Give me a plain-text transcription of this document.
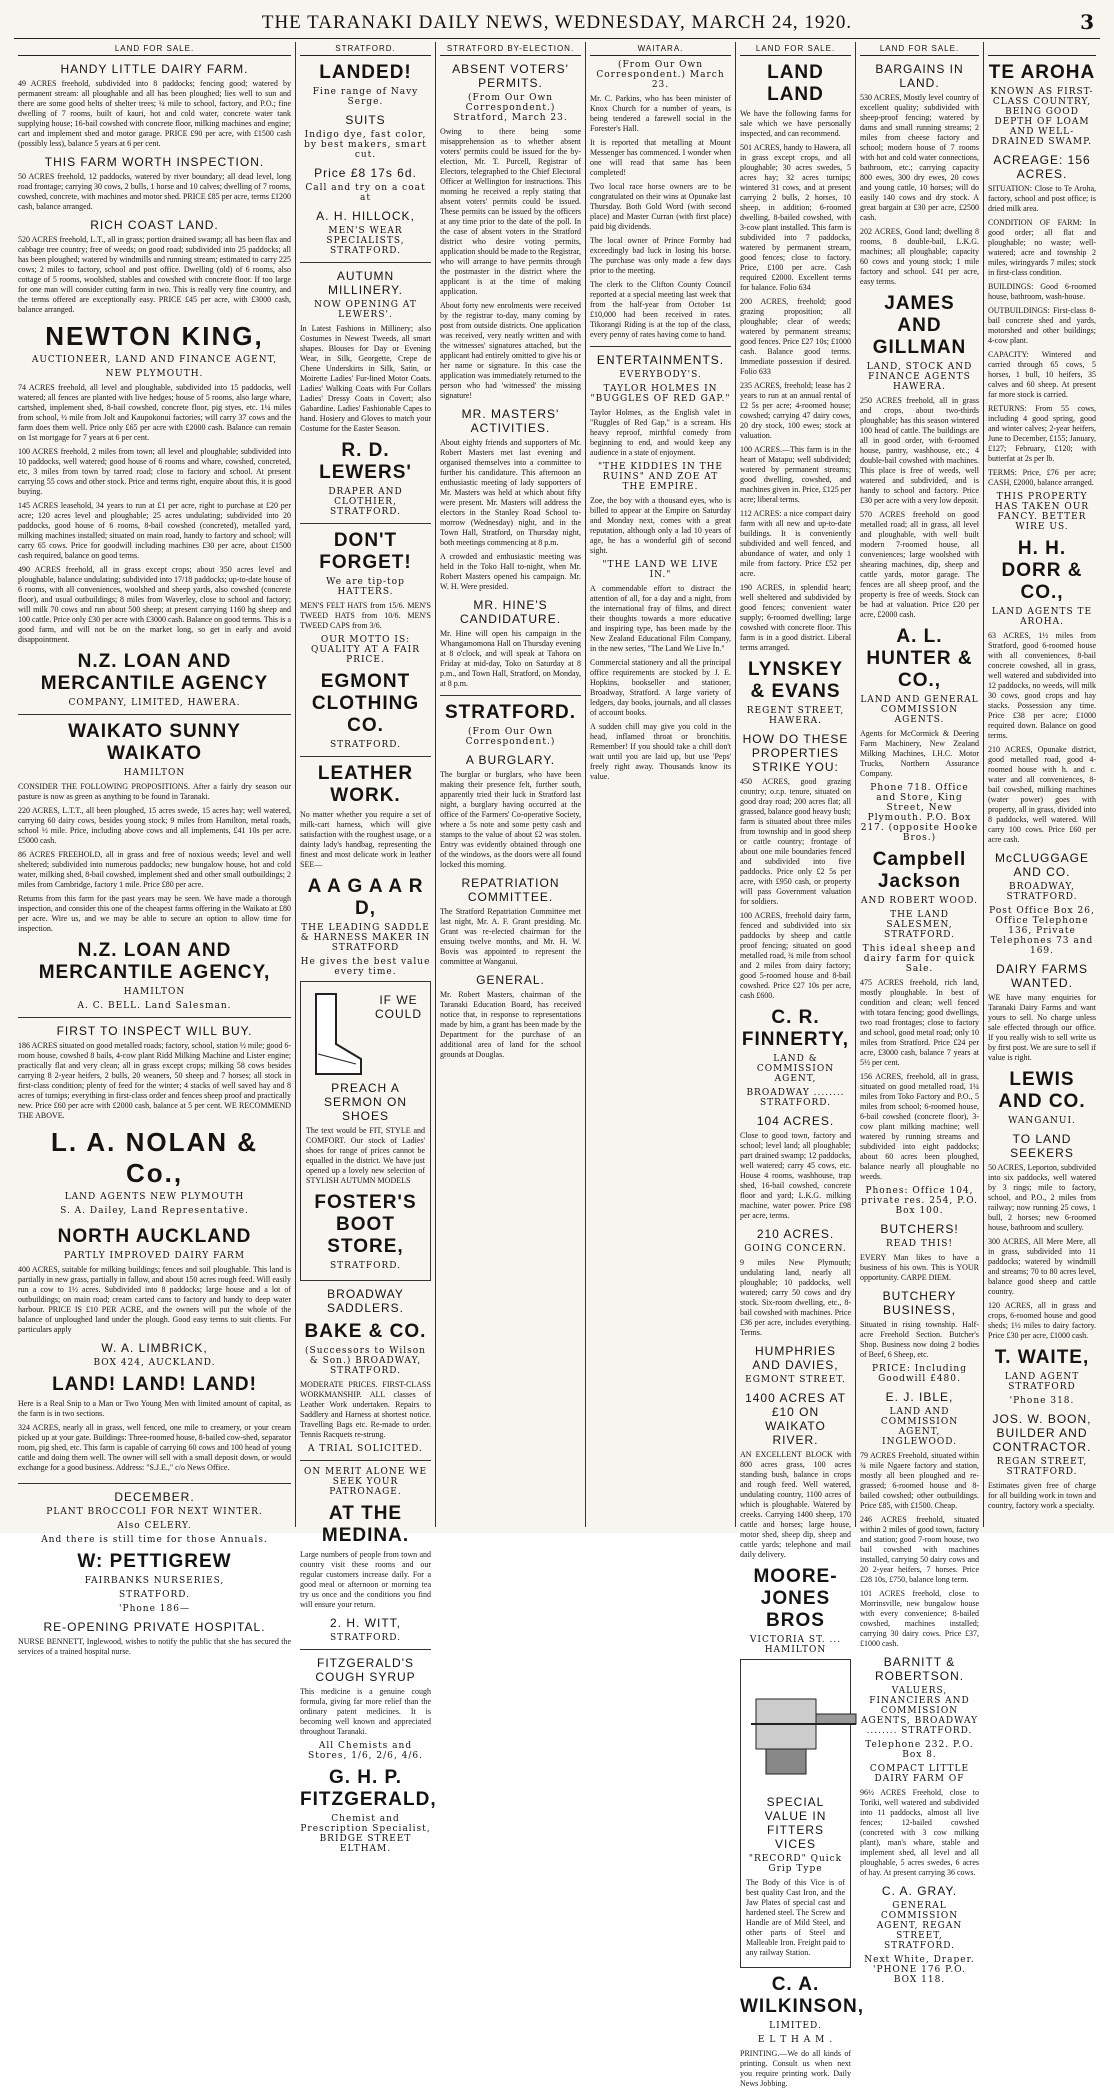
THE TARANAKI DAILY NEWS, WEDNESDAY, MARCH 24, 1920.	3
LAND FOR SALE.
HANDY LITTLE DAIRY FARM.

49 ACRES freehold, subdivided into 8 paddocks; fencing good; watered by permanent stream: all ploughable and all has been ploughed; lies well to sun and there are some good belts of shelter trees; ¼ mile to school, factory, and P.O.; fine dwelling of 7 rooms, built of kauri, hot and cold water, concrete water tank supplying house; 16-bail cowshed with concrete floor, milking machines and engine; cart and implement shed and motor garage. PRICE £90 per acre, with £1500 cash (possibly less), balance 5 years at 6 per cent.

THIS FARM WORTH INSPECTION.

50 ACRES freehold, 12 paddocks, watered by river boundary; all dead level, long road frontage; carrying 30 cows, 2 bulls, 1 horse and 10 calves; dwelling of 7 rooms, cowshed, concrete, with machines and motor shed. PRICE £85 per acre, terms £1200 cash, balance arranged.

RICH COAST LAND.

520 ACRES freehold, L.T., all in grass; portion drained swamp; all has been flax and cabbage tree country; free of weeds; on good road; subdivided into 25 paddocks; all has been ploughed; watered by windmills and running stream; estimated to carry 225 cows; 2 miles to factory, school and post office. Dwelling (old) of 6 rooms, also cottage of 5 rooms, woolshed, stables and cowshed with concrete floor. If too large for one man will consider cutting farm in two. This is really very fine country, and the terms offered are exceptionally easy. PRICE £45 per acre, with £3000 cash, balance arranged.

NEWTON KING,
AUCTIONEER, LAND AND FINANCE AGENT,
NEW PLYMOUTH.

74 ACRES freehold, all level and ploughable, subdivided into 15 paddocks, well watered; all fences are planted with live hedges; house of 5 rooms, also large whare, cartshed, implement shed, 8-bail cowshed, concrete floor, pig styes, etc. 1¼ miles from school, ½ mile from Jolt and Kaupokonui factories; will carry 37 cows and the farm does them well. Price only £65 per acre with £2000 cash. Balance can remain on 1st mortgage for 7 years at 6 per cent.

100 ACRES freehold, 2 miles from town; all level and ploughable; subdivided into 10 paddocks, well watered; good house of 6 rooms and whare, cowshed, concreted, etc, 3 miles from town by tarred road; close to factory and school. At present carrying 55 cows and other stock. Price and terms right, enquire about this, it is good buying.

145 ACRES leasehold, 34 years to run at £1 per acre, right to purchase at £20 per acre; 120 acres level and ploughable; 25 acres undulating; subdivided into 20 paddocks, good house of 6 rooms, 8-bail cowshed (concreted), metalled yard, milking machines installed; situated on main road, handy to factory and school; will carry 65 cows. Price for goodwill including machines £30 per acre, about £1500 cash required, balance on good terms.

490 ACRES freehold, all in grass except crops; about 350 acres level and ploughable, balance undulating; subdivided into 17/18 paddocks; up-to-date house of 6 rooms, with all conveniences, woolshed and sheep yards, also cowshed (concrete floor), and usual outbuildings; 8 miles from Waverley, close to school and factory; will milk 70 cows and run about 500 sheep; at present carrying 1160 hg sheep and 100 cattle. Price only £30 per acre with £3000 cash. Balance on good terms. This is a good farm, and will not be on the market long, so get in early and avoid disappointment.

N.Z. LOAN AND MERCANTILE AGENCY
COMPANY, LIMITED, HAWERA.
WAIKATO SUNNY WAIKATO
HAMILTON

CONSIDER THE FOLLOWING PROPOSITIONS. After a fairly dry season our pasture is now as green as anything to be found in Taranaki.

220 ACRES, L.T.T., all been ploughed, 15 acres swede, 15 acres hay; well watered, carrying 60 dairy cows, besides young stock; 9 miles from Hamilton, metal roads, school ½ mile. Price, including above cows and all implements, £41 10s per acre. £5000 cash.

86 ACRES FREEHOLD, all in grass and free of noxious weeds; level and well sheltered; subdivided into numerous paddocks; new bungalow house, hot and cold water, milking shed, 8-bail cowshed, implement shed and other small outbuildings; 2 miles from Cambridge, factory 1 mile. Price £80 per acre.

Returns from this farm for the past years may be seen. We have made a thorough inspection, and consider this one of the cheapest farms offering in the Waikato at £80 per acre. Wire us, and we may be able to secure an option to allow time for inspection.

N.Z. LOAN AND MERCANTILE AGENCY,
HAMILTON
A. C. BELL. Land Salesman.
FIRST TO INSPECT WILL BUY.

186 ACRES situated on good metalled roads; factory, school, station ½ mile; good 6-room house, cowshed 8 bails, 4-cow plant Ridd Milking Machine and Lister engine; practically flat and very clean; all in grass except crops; milking 58 cows besides carrying 8 2-year heifers, 2 bulls, 20 weaners, 50 sheep and 7 horses; all stock in first-class condition; plenty of feed for the winter; 4 stacks of well saved hay and 8 acres of turnips; everything in first-class order and fences sheep proof and practically new. Price £60 per acre with £2000 cash, balance at 5 per cent. WE RECOMMEND THE ABOVE.

L. A. NOLAN & Co.,
LAND AGENTS NEW PLYMOUTH
S. A. Dailey, Land Representative.
NORTH AUCKLAND
PARTLY IMPROVED DAIRY FARM

400 ACRES, suitable for milking buildings; fences and soil ploughable. This land is partially in new grass, partially in fallow, and about 150 acres rough feed. Will easily run a cow to 1½ acres. Subdivided into 8 paddocks; large house and a lot of outbuildings; on main road; cream carted cans to factory and handy to deep water harbour. PRICE IS £10 PER ACRE, and the owners will put the whole of the balance of unploughed land under the plough. Good easy terms to suit clients. For particulars apply

W. A. LIMBRICK,
BOX 424, AUCKLAND.
LAND! LAND! LAND!

Here is a Real Snip to a Man or Two Young Men with limited amount of capital, as the farm is in two sections.

324 ACRES, nearly all in grass, well fenced, one mile to creamery, or your cream picked up at your gate. Buildings: Three-roomed house, 8-bailed cow-shed, separator room, pig shed, etc. This farm is capable of carrying 60 cows and 100 head of young cattle and doing them well. The owner will sell with a small deposit down, or would exchange for a good business. Address: "S.J.E.," c/o News Office.

DECEMBER.
PLANT BROCCOLI FOR NEXT WINTER.
Also CELERY.
And there is still time for those Annuals.
W: PETTIGREW
FAIRBANKS NURSERIES,
STRATFORD.
'Phone 186—
RE-OPENING PRIVATE HOSPITAL.

NURSE BENNETT, Inglewood, wishes to notify the public that she has secured the services of a trained hospital nurse.

STRATFORD.
LANDED!
Fine range of Navy Serge.
SUITS
Indigo dye, fast color, by best makers, smart cut.
Price £8 17s 6d.
Call and try on a coat at
A. H. HILLOCK,
MEN'S WEAR SPECIALISTS, STRATFORD.
AUTUMN MILLINERY.
NOW OPENING AT LEWERS'.

In Latest Fashions in Millinery; also Costumes in Newest Tweeds, all smart shapes. Blouses for Day or Evening Wear, in Silk, Georgette, Crepe de Chene Underskirts in Silk, Satin, or Moirette Ladies' Fur-lined Motor Coats. Ladies' Walking Coats with Fur Collars Ladies' Dressy Coats in Covert; also Gabardine. Ladies' Fashionable Capes to hand. Hosiery and Gloves to match your Costume for the Easter Season.

R. D. LEWERS'
DRAPER AND CLOTHIER, STRATFORD.
DON'T FORGET!
We are tip-top HATTERS.

MEN'S FELT HATS from 15/6. MEN'S TWEED HATS from 10/6. MEN'S TWEED CAPS from 3/6.

OUR MOTTO IS: QUALITY AT A FAIR PRICE.
EGMONT CLOTHING CO.
STRATFORD.
LEATHER WORK.

No matter whether you require a set of milk-cart harness, which will give satisfaction with the roughest usage, or a dainty lady's handbag, representing the finest and most delicate work in leather SEE—

A A G A A R D,
THE LEADING SADDLE & HARNESS MAKER IN STRATFORD
He gives the best value every time.
IF WE COULD PREACH A SERMON ON SHOES

The text would be FIT, STYLE and COMFORT. Our stock of Ladies' shoes for range of prices cannot be equalled in the district. We have just opened up a lovely new selection of STYLISH AUTUMN MODELS

FOSTER'S BOOT STORE,
STRATFORD.
BROADWAY SADDLERS.
BAKE & CO.
(Successors to Wilson & Son.) BROADWAY, STRATFORD.

MODERATE PRICES. FIRST-CLASS WORKMANSHIP. ALL classes of Leather Work undertaken. Repairs to Saddlery and Harness at shortest notice. Travelling Bags etc. Re-made to order. Tennis Racquets re-strung.

A TRIAL SOLICITED.
ON MERIT ALONE WE SEEK YOUR PATRONAGE.
AT THE MEDINA.

Large numbers of people from town and country visit these rooms and our regular customers increase daily. For a good meal or afternoon or morning tea try us once and the conditions you find will ensure your return.

2. H. WITT,
STRATFORD.
FITZGERALD'S COUGH SYRUP

This medicine is a genuine cough formula, giving far more relief than the ordinary patent medicines. It is becoming well known and appreciated throughout Taranaki.

All Chemists and Stores, 1/6, 2/6, 4/6.
G. H. P. FITZGERALD,
Chemist and Prescription Specialist, BRIDGE STREET ELTHAM.
STRATFORD BY-ELECTION.
ABSENT VOTERS' PERMITS.
(From Our Own Correspondent.) Stratford, March 23.

Owing to there being some misapprehension as to whether absent voters' permits could be issued for the by-election, Mr. T. Purcell, Registrar of Electors, telegraphed to the Chief Electoral Officer at Wellington for instructions. This morning he received a reply stating that absent voters' permits could be issued. These permits can be issued by the officers at any time prior to the date of the poll. In the case of absent voters in the Stratford district who desire voting permits, application should be made to the Registrar, who will arrange to have permits through the postmaster in the district where the applicant is at the time of making application.

About forty new enrolments were received by the registrar to-day, many coming by post from outside districts. One application was received, very neatly written and with the witnesses' signatures attached, but the applicant had entirely omitted to give his or her name or signature. In this case the application was immediately returned to the person who had 'witnessed' the missing signature!

MR. MASTERS' ACTIVITIES.

About eighty friends and supporters of Mr. Robert Masters met last evening and organised themselves into a committee to further his candidature. This afternoon an enthusiastic meeting of lady supporters of Mr. Masters was held at which about fifty were present. Mr. Masters will address the electors in the Stanley Road School to-morrow (Wednesday) night, and in the Town Hall, Stratford, on Thursday night, both meetings commencing at 8 p.m.

A crowded and enthusiastic meeting was held in the Toko Hall to-night, when Mr. Robert Masters opened his campaign. Mr. W. H. Were presided.

MR. HINE'S CANDIDATURE.

Mr. Hine will open his campaign in the Whangamomona Hall on Thursday evening at 8 o'clock, and will speak at Tahora on Friday at mid-day, Toko on Saturday at 8 p.m., and Town Hall, Stratford, on Monday, at 8 p.m.

STRATFORD.
(From Our Own Correspondent.)
A BURGLARY.

The burglar or burglars, who have been making their presence felt, further south, apparently tried their luck in Stratford last night, a burglary having occurred at the office of the Farmers' Co-operative Society, where a 5s note and some petty cash and stamps to the value of about £2 was stolen. Entry was evidently obtained through one of the windows, as the doors were all found locked this morning.

REPATRIATION COMMITTEE.

The Stratford Repatriation Committee met last night, Mr. A. F. Grant presiding. Mr. Grant was re-elected chairman for the ensuing twelve months, and Mr. H. W. Bovis was appointed to represent the committee at Wanganui.

GENERAL.

Mr. Robert Masters, chairman of the Taranaki Education Board, has received notice that, in response to representations made by him, a grant has been made by the Department for the purchase of an additional area of land for the school grounds at Douglas.

WAITARA.
(From Our Own Correspondent.) March 23.

Mr. C. Parkins, who has been minister of Knox Church for a number of years, is being tendered a farewell social in the Forester's Hall.

It is reported that metalling at Mount Messenger has commenced. I wonder when one will read that same has been completed!

Two local race horse owners are to be congratulated on their wins at Opunake last Thursday. Both Gold Word (with second place) and Master Curran (with first place) paid big dividends.

The local owner of Prince Formby had exceedingly bad luck in losing his horse. The purchase was only made a few days prior to the meeting.

The clerk to the Clifton County Council reported at a special meeting last week that from the half-year from October 1st £10,000 had been received in rates. Tikorangi Riding is at the top of the class, every penny of rates having come to hand.

ENTERTAINMENTS.
EVERYBODY'S.
TAYLOR HOLMES IN "BUGGLES OF RED GAP."

Taylor Holmes, as the English valet in "Ruggles of Red Gap," is a scream. His heavy reproof, mirthful comedy from beginning to end, and would keep any audience in a state of enjoyment.

"THE KIDDIES IN THE RUINS" AND ZOE AT THE EMPIRE.

Zoe, the boy with a thousand eyes, who is billed to appear at the Empire on Saturday and Monday next, comes with a great reputation, although only a lad 10 years of age, he has a wonderful gift of second sight.

"THE LAND WE LIVE IN."

A commendable effort to distract the attention of all, for a day and a night, from the international fray of films, and direct their thoughts towards a more educative and inspiring type, has been made by the New Zealand Educational Film Company, in the new series, "The Land We Live In."

Commercial stationery and all the principal office requirements are stocked by J. E. Hopkins, bookseller and stationer, Broadway, Stratford. A large variety of ledgers, day books, journals, and all classes of account books.

A sudden chill may give you cold in the head, inflamed throat or bronchitis. Remember! If you should take a chill don't wait until you are laid up, but use 'Peps' freely right away. Thousands know its value.

LAND FOR SALE.
LAND LAND

We have the following farms for sale which we have personally inspected, and can recommend.

501 ACRES, handy to Hawera, all in grass except crops, and all ploughable; 30 acres swedes, 5 acres hay; 32 acres turnips; wintered 31 cows, and at present carrying 2 bulls, 2 horses, 10 sheep, in addition; 6-roomed dwelling, 8-bailed cowshed, with 3-cow plant installed. This farm is subdivided into 7 paddocks, watered by permanent stream, good fences; close to factory. Price, £100 per acre. Cash required £2000. Excellent terms for balance. Folio 634

200 ACRES, freehold; good grazing proposition; all ploughable; clear of weeds; watered by permanent streams; good fences. Price £27 10s; £1000 cash. Balance good terms. Immediate possession if desired. Folio 633

235 ACRES, freehold; lease has 2 years to run at an annual rental of £2 5s per acre; 4-roomed house; cowshed; carrying 47 dairy cows, 20 dry stock, 100 ewes; stock at valuation.

100 ACRES.—This farm is in the heart of Matapu; well subdivided; watered by permanent streams; good dwelling, cowshed, and machines given in. Price, £125 per acre; liberal terms.

112 ACRES: a nice compact dairy farm with all new and up-to-date buildings. It is conveniently subdivided and well fenced, and abundance of water, and only 1 mile from factory. Price £52 per acre.

190 ACRES, in splendid heart; well sheltered and subdivided by good fences; convenient water supply; 6-roomed dwelling; large cowshed with concrete floor. This farm is in a good district. Liberal terms arranged.

LYNSKEY & EVANS
REGENT STREET, HAWERA.
HOW DO THESE PROPERTIES STRIKE YOU:

450 ACRES, good grazing country; o.r.p. tenure, situated on good dray road; 200 acres flat; all grassed, balance good heavy bush; farm is situated about three miles from township and in good sheep or cattle country; frontage of about one mile boundaries fenced and subdivided into five paddocks. Price only £2 5s per acre, with £950 cash, or property will pass Government valuation for soldiers.

100 ACRES, freehold dairy farm, fenced and subdivided into six paddocks by sheep and cattle proof fencing; situated on good metalled road, ¾ mile from school and 2 miles from dairy factory; good 5-roomed house and 8-bail cowshed. Price £27 10s per acre, cash £600.

C. R. FINNERTY,
LAND & COMMISSION AGENT,
BROADWAY ........ STRATFORD.
104 ACRES.

Close to good town, factory and school; level land; all ploughable; part drained swamp; 12 paddocks, well watered; carry 45 cows, etc. House 4 rooms, washhouse, trap shed, 16-bail cowshed, concrete floor and yard; L.K.G. milking machine, water power. Price £98 per acre, terms.

210 ACRES.
GOING CONCERN.

9 miles New Plymouth; undulating land, nearly all ploughable; 10 paddocks, well watered; carry 50 cows and dry stock. Six-room dwelling, etc., 8-bail cowshed with machines. Price £36 per acre, includes everything. Terms.

HUMPHRIES AND DAVIES,
EGMONT STREET.
1400 ACRES AT £10 ON WAIKATO RIVER.

AN EXCELLENT BLOCK with 800 acres grass, 100 acres standing bush, balance in crops and rough feed. Well watered, undulating country, 1100 acres of which is ploughable. Watered by creeks. Carrying 1400 sheep, 170 cattle and horses; large house, motor shed, sheep dip, sheep and cattle yards; telephone and mail daily delivery.

MOORE-JONES BROS
VICTORIA ST. ... HAMILTON
SPECIAL VALUE IN FITTERS VICES
"RECORD" Quick Grip Type

The Body of this Vice is of best quality Cast Iron, and the Jaw Plates of special cast and hardened steel. The Screw and Handle are of Mild Steel, and other parts of Steel and Malleable Iron. Freight paid to any railway Station.

C. A. WILKINSON,
LIMITED.
E L T H A M .

PRINTING.—We do all kinds of printing. Consult us when next you require printing work. Daily News Jobbing.

LAND FOR SALE.
BARGAINS IN LAND.

530 ACRES, Mostly level country of excellent quality; subdivided with sheep-proof fencing; watered by dams and small running streams; 2 miles from cheese factory and school; modern house of 7 rooms with hot and cold water connections, bathroom, etc.; carrying capacity 800 ewes, 300 dry ewes, 20 cows and young cattle, 10 horses; will do easily 140 cows and dry stock. A great bargain at £30 per acre, £2500 cash.

202 ACRES, Good land; dwelling 8 rooms, 8 double-bail, L.K.G. machines; all ploughable; capacity 60 cows and young stock; 1 mile factory and school. £41 per acre, easy terms.

JAMES AND GILLMAN
LAND, STOCK AND FINANCE AGENTS HAWERA.

250 ACRES freehold, all in grass and crops, about two-thirds ploughable; has this season wintered 100 head of cattle. The buildings are all in good order, with 6-roomed house, pantry, washhouse, etc.; 4 double-bail cowshed with machines. This place is free of weeds, well watered and subdivided, and is handy to school and factory. Price £30 per acre with a very low deposit.

570 ACRES freehold on good metalled road; all in grass, all level and ploughable, with well built modern 7-roomed house, all conveniences; large woolshed with shearing machines, dip, sheep and cattle yards, motor garage. The fences are all sheep proof, and the property is free of weeds. Stock can be had at valuation. Price £20 per acre, £2000 cash.

A. L. HUNTER & CO.,
LAND AND GENERAL COMMISSION AGENTS.

Agents for McCormick & Deering Farm Machinery, New Zealand Milking Machines, I.H.C. Motor Trucks, Northern Assurance Company.

Phone 718. Office and Store, King Street, New Plymouth. P.O. Box 217. (opposite Hooke Bros.)
Campbell Jackson
AND ROBERT WOOD.
THE LAND SALESMEN, STRATFORD.
This ideal sheep and dairy farm for quick Sale.

475 ACRES freehold, rich land, mostly ploughable. In best of condition and clean; well fenced with totara fencing; good dwellings, two road frontages; close to factory and school, good metal road; only 10 miles from Stratford. Price £24 per acre, £3000 cash, balance 7 years at 5½ per cent.

156 ACRES, freehold, all in grass, situated on good metalled road, 1¼ miles from Toko Factory and P.O., 5 miles from school; 6-roomed house, 6-bail cowshed (concrete floor), 3-cow plant milking machine; well watered by running streams and subdivided into eight paddocks; about 60 acres been ploughed, balance nearly all ploughable no weeds.

Phones: Office 104, private res. 254, P.O. Box 100.
BUTCHERS!
READ THIS!

EVERY Man likes to have a business of his own. This is YOUR opportunity. CARPE DIEM.

BUTCHERY BUSINESS,

Situated in rising township. Half-acre Freehold Section. Butcher's Shop. Business now doing 2 bodies of Beef, 6 Sheep, etc.

PRICE: Including Goodwill £480.
E. J. IBLE,
LAND AND COMMISSION AGENT, INGLEWOOD.

79 ACRES Freehold, situated within ¾ mile Ngaere factory and station, mostly all been ploughed and re-grassed; 6-roomed house and 8-bailed cowshed; other outbuildings. Price £85, with £1500. Cheap.

246 ACRES freehold, situated within 2 miles of good town, factory and station; good 7-room house, two bail cowshed with machines installed, carrying 50 dairy cows and 20 2-year heifers, 7 horses. Price £28 10s, £750, balance long term.

101 ACRES freehold, close to Morrinsville, new bungalow house with every convenience; 8-bailed cowshed, machines installed; carrying 30 dairy cows. Price £37, £1000 cash.

BARNITT & ROBERTSON.
VALUERS, FINANCIERS AND COMMISSION AGENTS, BROADWAY ........ STRATFORD.
Telephone 232. P.O. Box 8.
COMPACT LITTLE DAIRY FARM OF

96½ ACRES Freehold, close to Toriki, well watered and subdivided into 11 paddocks, almost all live fences; 12-bailed cowshed (concreted with 3 cow milking plant), man's whare, stable and implement shed, all level and all ploughable, 5 acres swedes, 6 acres of hay. At present carrying 36 cows.

C. A. GRAY.
GENERAL COMMISSION AGENT, REGAN STREET, STRATFORD.
Next White, Draper. 'PHONE 176 P.O. BOX 118.

TE AROHA
KNOWN AS FIRST-CLASS COUNTRY, BEING GOOD DEPTH OF LOAM AND WELL-DRAINED SWAMP.
ACREAGE: 156 ACRES.

SITUATION: Close to Te Aroha, factory, school and post office; is dried milk area.

CONDITION OF FARM: In good order; all flat and ploughable; no waste; well-watered; acre and township 2 miles, wiringyards 7 miles; stock in first-class condition.

BUILDINGS: Good 6-roomed house, bathroom, wash-house.

OUTBUILDINGS: First-class 8-bail concrete shed and yards, motorshed and other buildings; 4-cow plant.

CAPACITY: Wintered and carried through 65 cows, 5 horses, 1 bull, 10 heifers, 35 calves and 60 sheep. At present far more stock is carried.

RETURNS: From 55 cows, including 4 good spring, good and winter calves; 2-year heifers, June to December, £155; January, £127; February, £120; with butterfat at 2s per lb.

TERMS: Price, £76 per acre; CASH, £2000, balance arranged.

THIS PROPERTY HAS TAKEN OUR FANCY. BETTER WIRE US.
H. H. DORR & CO.,
LAND AGENTS TE AROHA.

63 ACRES, 1½ miles from Stratford, good 6-roomed house with all conveniences, 8-bail concrete cowshed, all in grass, well watered and subdivided into 12 paddocks, no weeds, will milk 30 cows, good crops and hay stacks. Possession any time. Price £38 per acre; £1000 required down. Balance on good terms.

210 ACRES, Opunake district, good metalled road, good 4-roomed house with h. and c. water and all conveniences, 8-bail cowshed, milking machines (water power) goes with property, all in grass, divided into 8 paddocks, well watered. Will carry 100 cows. Price £60 per acre cash.

McCLUGGAGE AND CO.
BROADWAY, STRATFORD.
Post Office Box 26, Office Telephone 136, Private Telephones 73 and 169.
DAIRY FARMS WANTED.

WE have many enquiries for Taranaki Dairy Farms and want yours to sell. No charge unless sale effected through our office. If you really wish to sell write us by first post. We are sure to sell if value is right.

LEWIS AND CO.
WANGANUI.
TO LAND SEEKERS

50 ACRES, Leporton, subdivided into six paddocks, well watered by 3 rings; mile to factory, school, and P.O., 2 miles from railway; now running 25 cows, 1 bull, 2 horses; new 6-roomed house, bathroom and scullery.

300 ACRES, All Mere Mere, all in grass, subdivided into 11 paddocks; watered by windmill and streams; 70 to 80 acres level, balance good sheep and cattle country.

120 ACRES, all in grass and crops, 6-roomed house and good sheds; 1½ miles to dairy factory. Price £30 per acre, £1000 cash.

T. WAITE,
LAND AGENT STRATFORD
'Phone 318.
JOS. W. BOON, BUILDER AND CONTRACTOR.
REGAN STREET, STRATFORD.

Estimates given free of charge for all building work in town and country, factory work a specialty.
